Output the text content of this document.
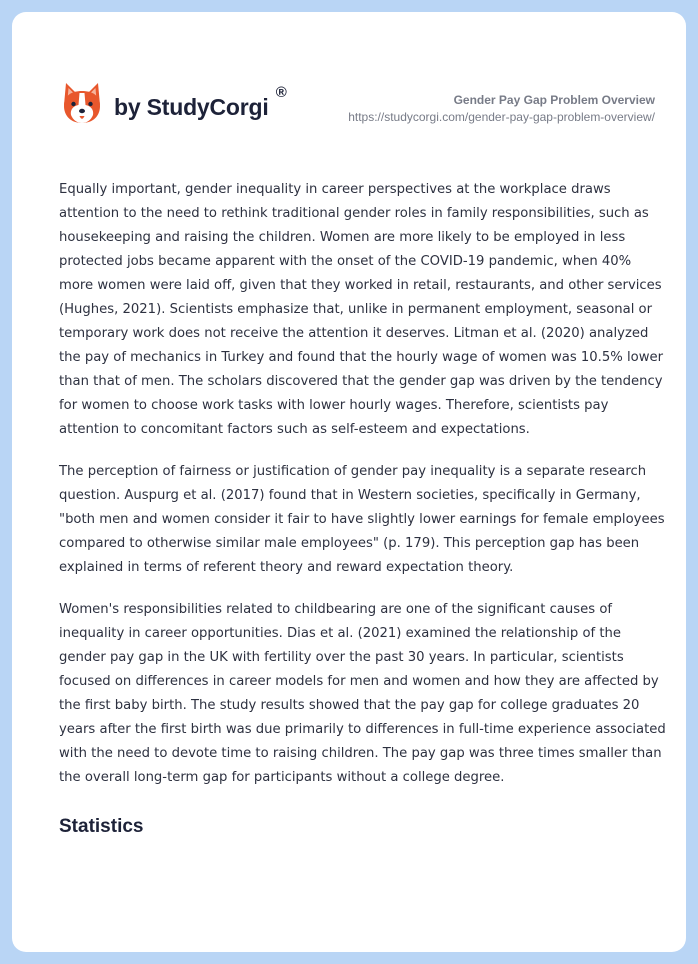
by StudyCorgi
®	Gender Pay Gap Problem Overview
https://studycorgi.com/gender-pay-gap-problem-overview/

Equally important, gender inequality in career perspectives at the workplace draws attention to the need to rethink traditional gender roles in family responsibilities, such as housekeeping and raising the children. Women are more likely to be employed in less protected jobs became apparent with the onset of the COVID-19 pandemic, when 40% more women were laid off, given that they worked in retail, restaurants, and other services (Hughes, 2021). Scientists emphasize that, unlike in permanent employment, seasonal or temporary work does not receive the attention it deserves. Litman et al. (2020) analyzed the pay of mechanics in Turkey and found that the hourly wage of women was 10.5% lower than that of men. The scholars discovered that the gender gap was driven by the tendency for women to choose work tasks with lower hourly wages. Therefore, scientists pay attention to concomitant factors such as self-esteem and expectations.

The perception of fairness or justification of gender pay inequality is a separate research question. Auspurg et al. (2017) found that in Western societies, specifically in Germany, "both men and women consider it fair to have slightly lower earnings for female employees compared to otherwise similar male employees" (p. 179). This perception gap has been explained in terms of referent theory and reward expectation theory.

Women's responsibilities related to childbearing are one of the significant causes of inequality in career opportunities. Dias et al. (2021) examined the relationship of the gender pay gap in the UK with fertility over the past 30 years. In particular, scientists focused on differences in career models for men and women and how they are affected by the first baby birth. The study results showed that the pay gap for college graduates 20 years after the first birth was due primarily to differences in full-time experience associated with the need to devote time to raising children. The pay gap was three times smaller than the overall long-term gap for participants without a college degree.

Statistics
